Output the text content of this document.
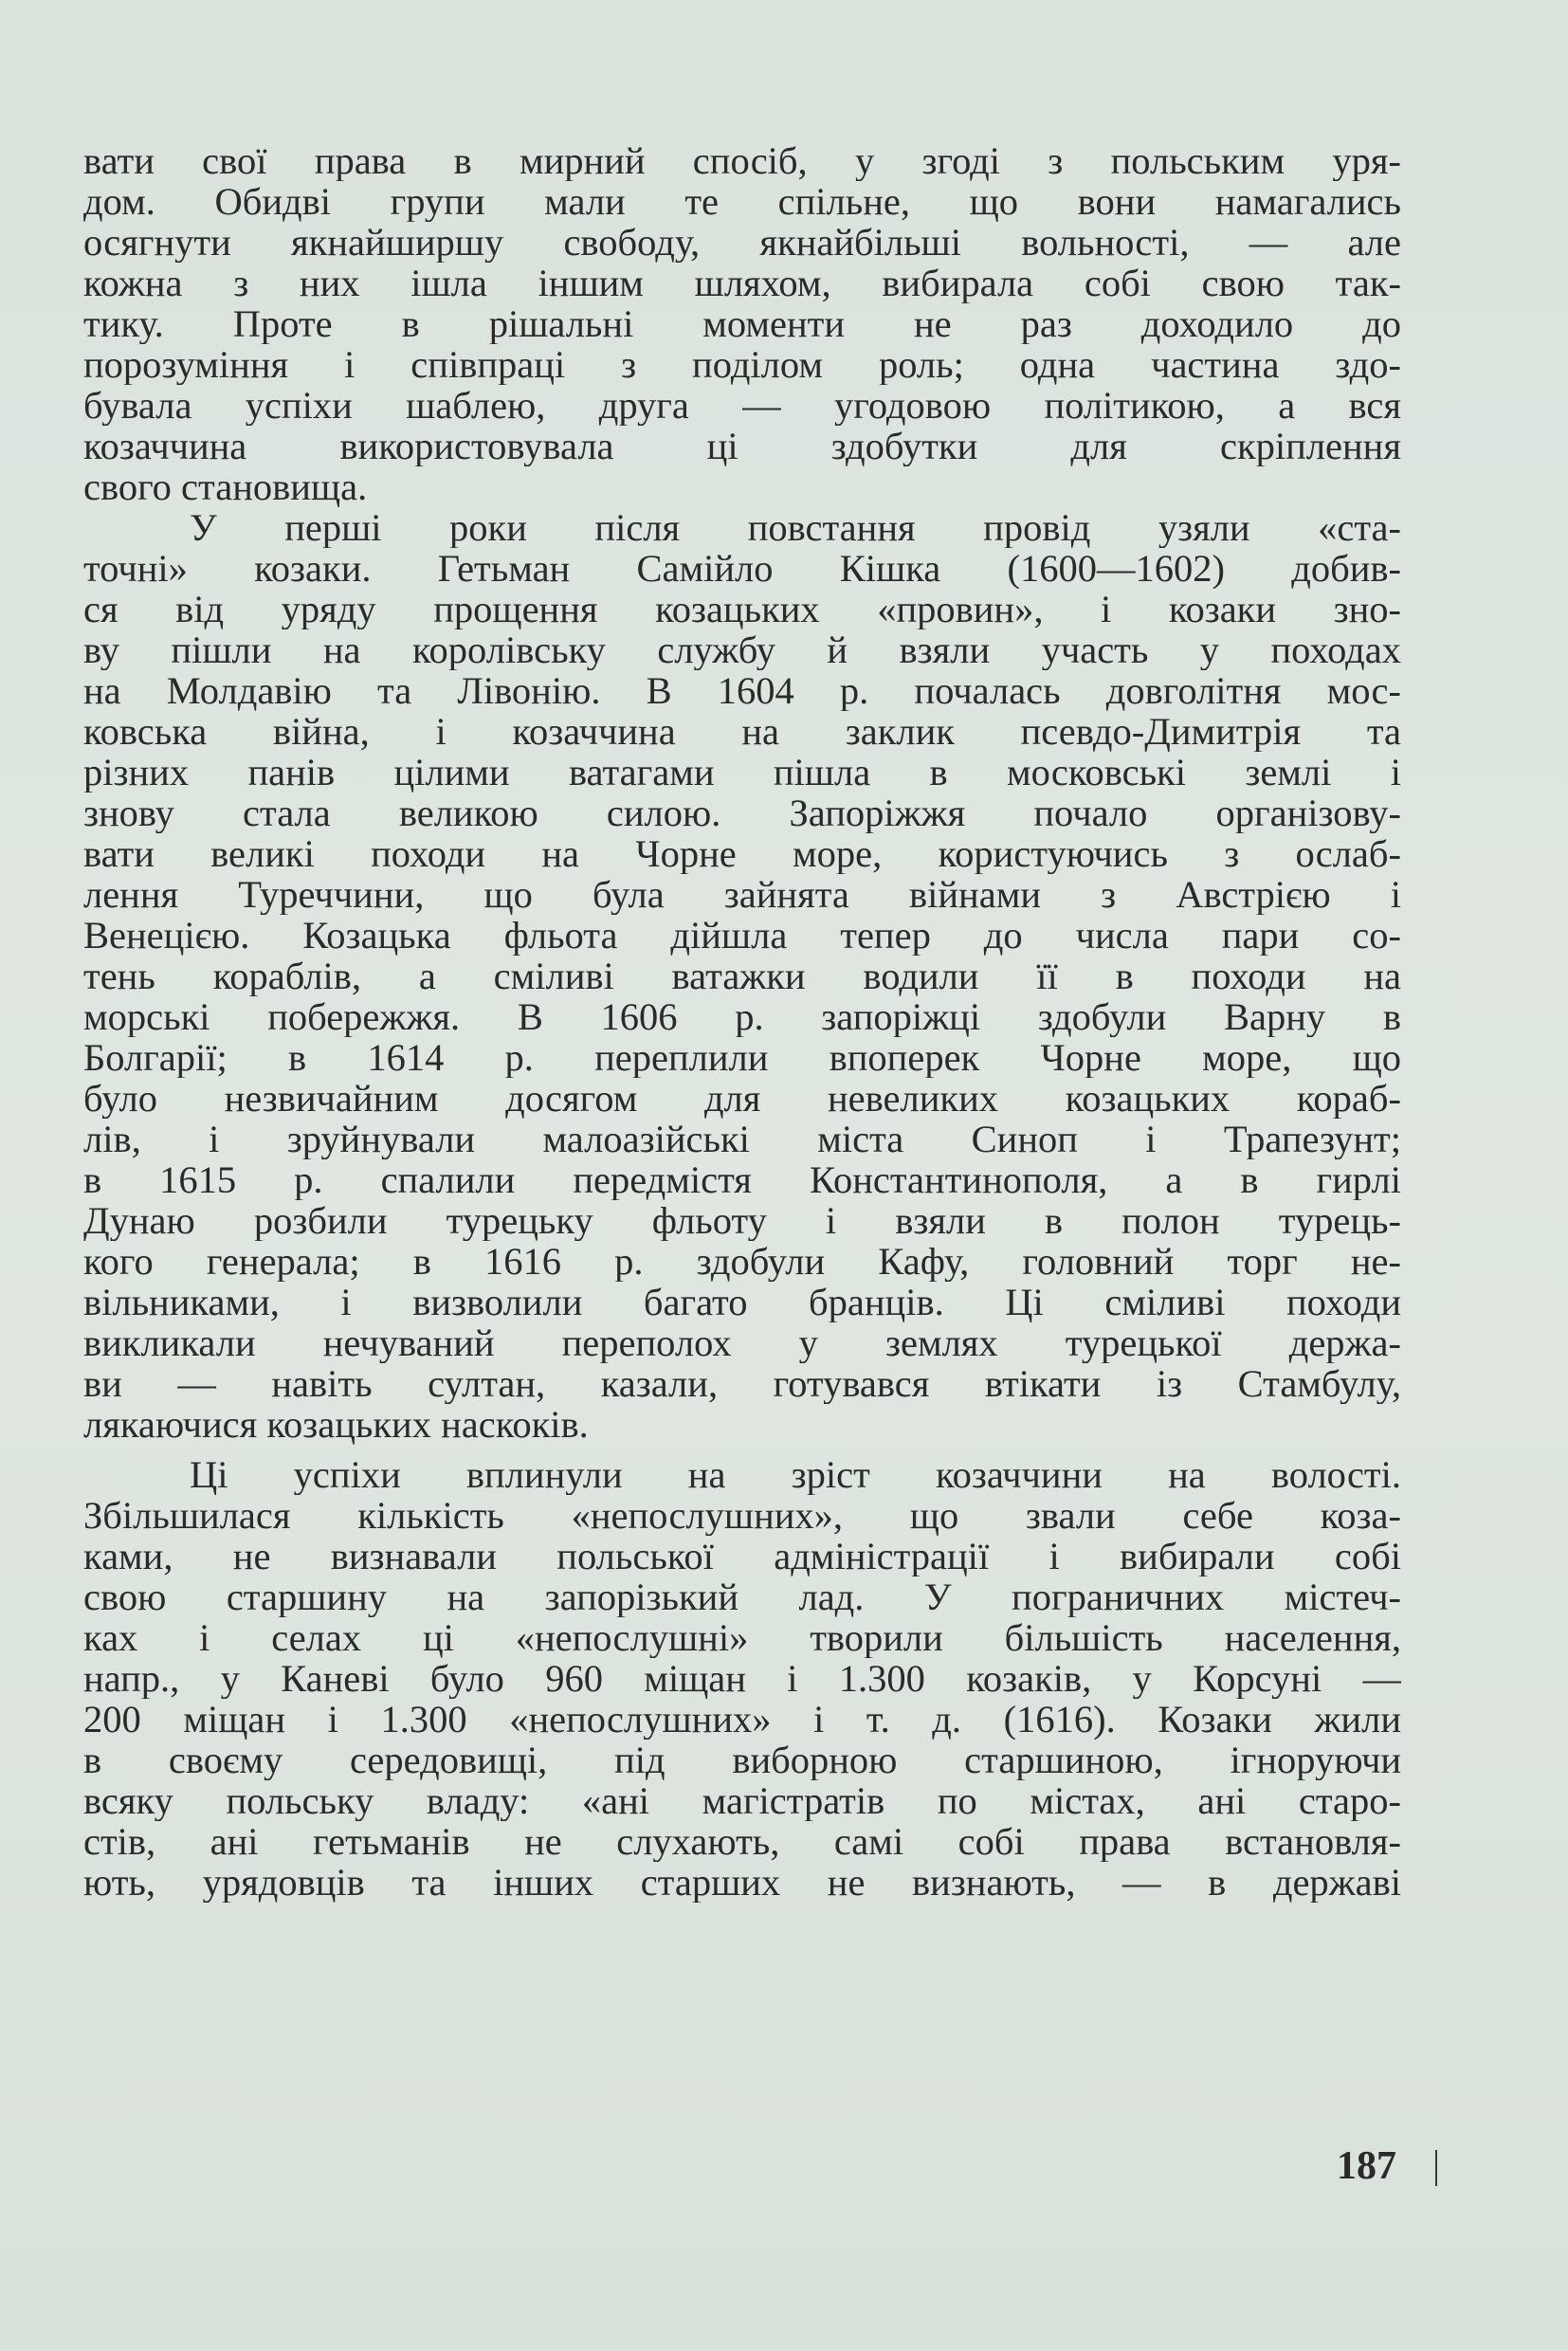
вати свої права в мирний спосіб, у згоді з польським уря-
дом. Обидві групи мали те спільне, що вони намагались
осягнути якнайширшу свободу, якнайбільші вольності, — але
кожна з них ішла іншим шляхом, вибирала собі свою так-
тику. Проте в рішальні моменти не раз доходило до
порозуміння і співпраці з поділом роль; одна частина здо-
бувала успіхи шаблею, друга — угодовою політикою, а вся
козаччина використовувала ці здобутки для скріплення
свого становища.
У перші роки після повстання провід узяли «ста-
точні» козаки. Гетьман Самійло Кішка (1600—1602) добив-
ся від уряду прощення козацьких «провин», і козаки зно-
ву пішли на королівську службу й взяли участь у походах
на Молдавію та Лівонію. В 1604 р. почалась довголітня мос-
ковська війна, і козаччина на заклик псевдо-Димитрія та
різних панів цілими ватагами пішла в московські землі і
знову стала великою силою. Запоріжжя почало організову-
вати великі походи на Чорне море, користуючись з ослаб-
лення Туреччини, що була зайнята війнами з Австрією і
Венецією. Козацька фльота дійшла тепер до числа пари со-
тень кораблів, а сміливі ватажки водили її в походи на
морські побережжя. В 1606 р. запоріжці здобули Варну в
Болгарії; в 1614 р. переплили впоперек Чорне море, що
було незвичайним досягом для невеликих козацьких кораб-
лів, і зруйнували малоазійські міста Синоп і Трапезунт;
в 1615 р. спалили передмістя Константинополя, а в гирлі
Дунаю розбили турецьку фльоту і взяли в полон турець-
кого генерала; в 1616 р. здобули Кафу, головний торг не-
вільниками, і визволили багато бранців. Ці сміливі походи
викликали нечуваний переполох у землях турецької держа-
ви — навіть султан, казали, готувався втікати із Стамбулу,
лякаючися козацьких наскоків.
Ці успіхи вплинули на зріст козаччини на волості.
Збільшилася кількість «непослушних», що звали себе коза-
ками, не визнавали польської адміністрації і вибирали собі
свою старшину на запорізький лад. У пограничних містеч-
ках і селах ці «непослушні» творили більшість населення,
напр., у Каневі було 960 міщан і 1.300 козаків, у Корсуні —
200 міщан і 1.300 «непослушних» і т. д. (1616). Козаки жили
в своєму середовищі, під виборною старшиною, ігноруючи
всяку польську владу: «ані магістратів по містах, ані старо-
стів, ані гетьманів не слухають, самі собі права встановля-
ють, урядовців та інших старших не визнають, — в державі
187
